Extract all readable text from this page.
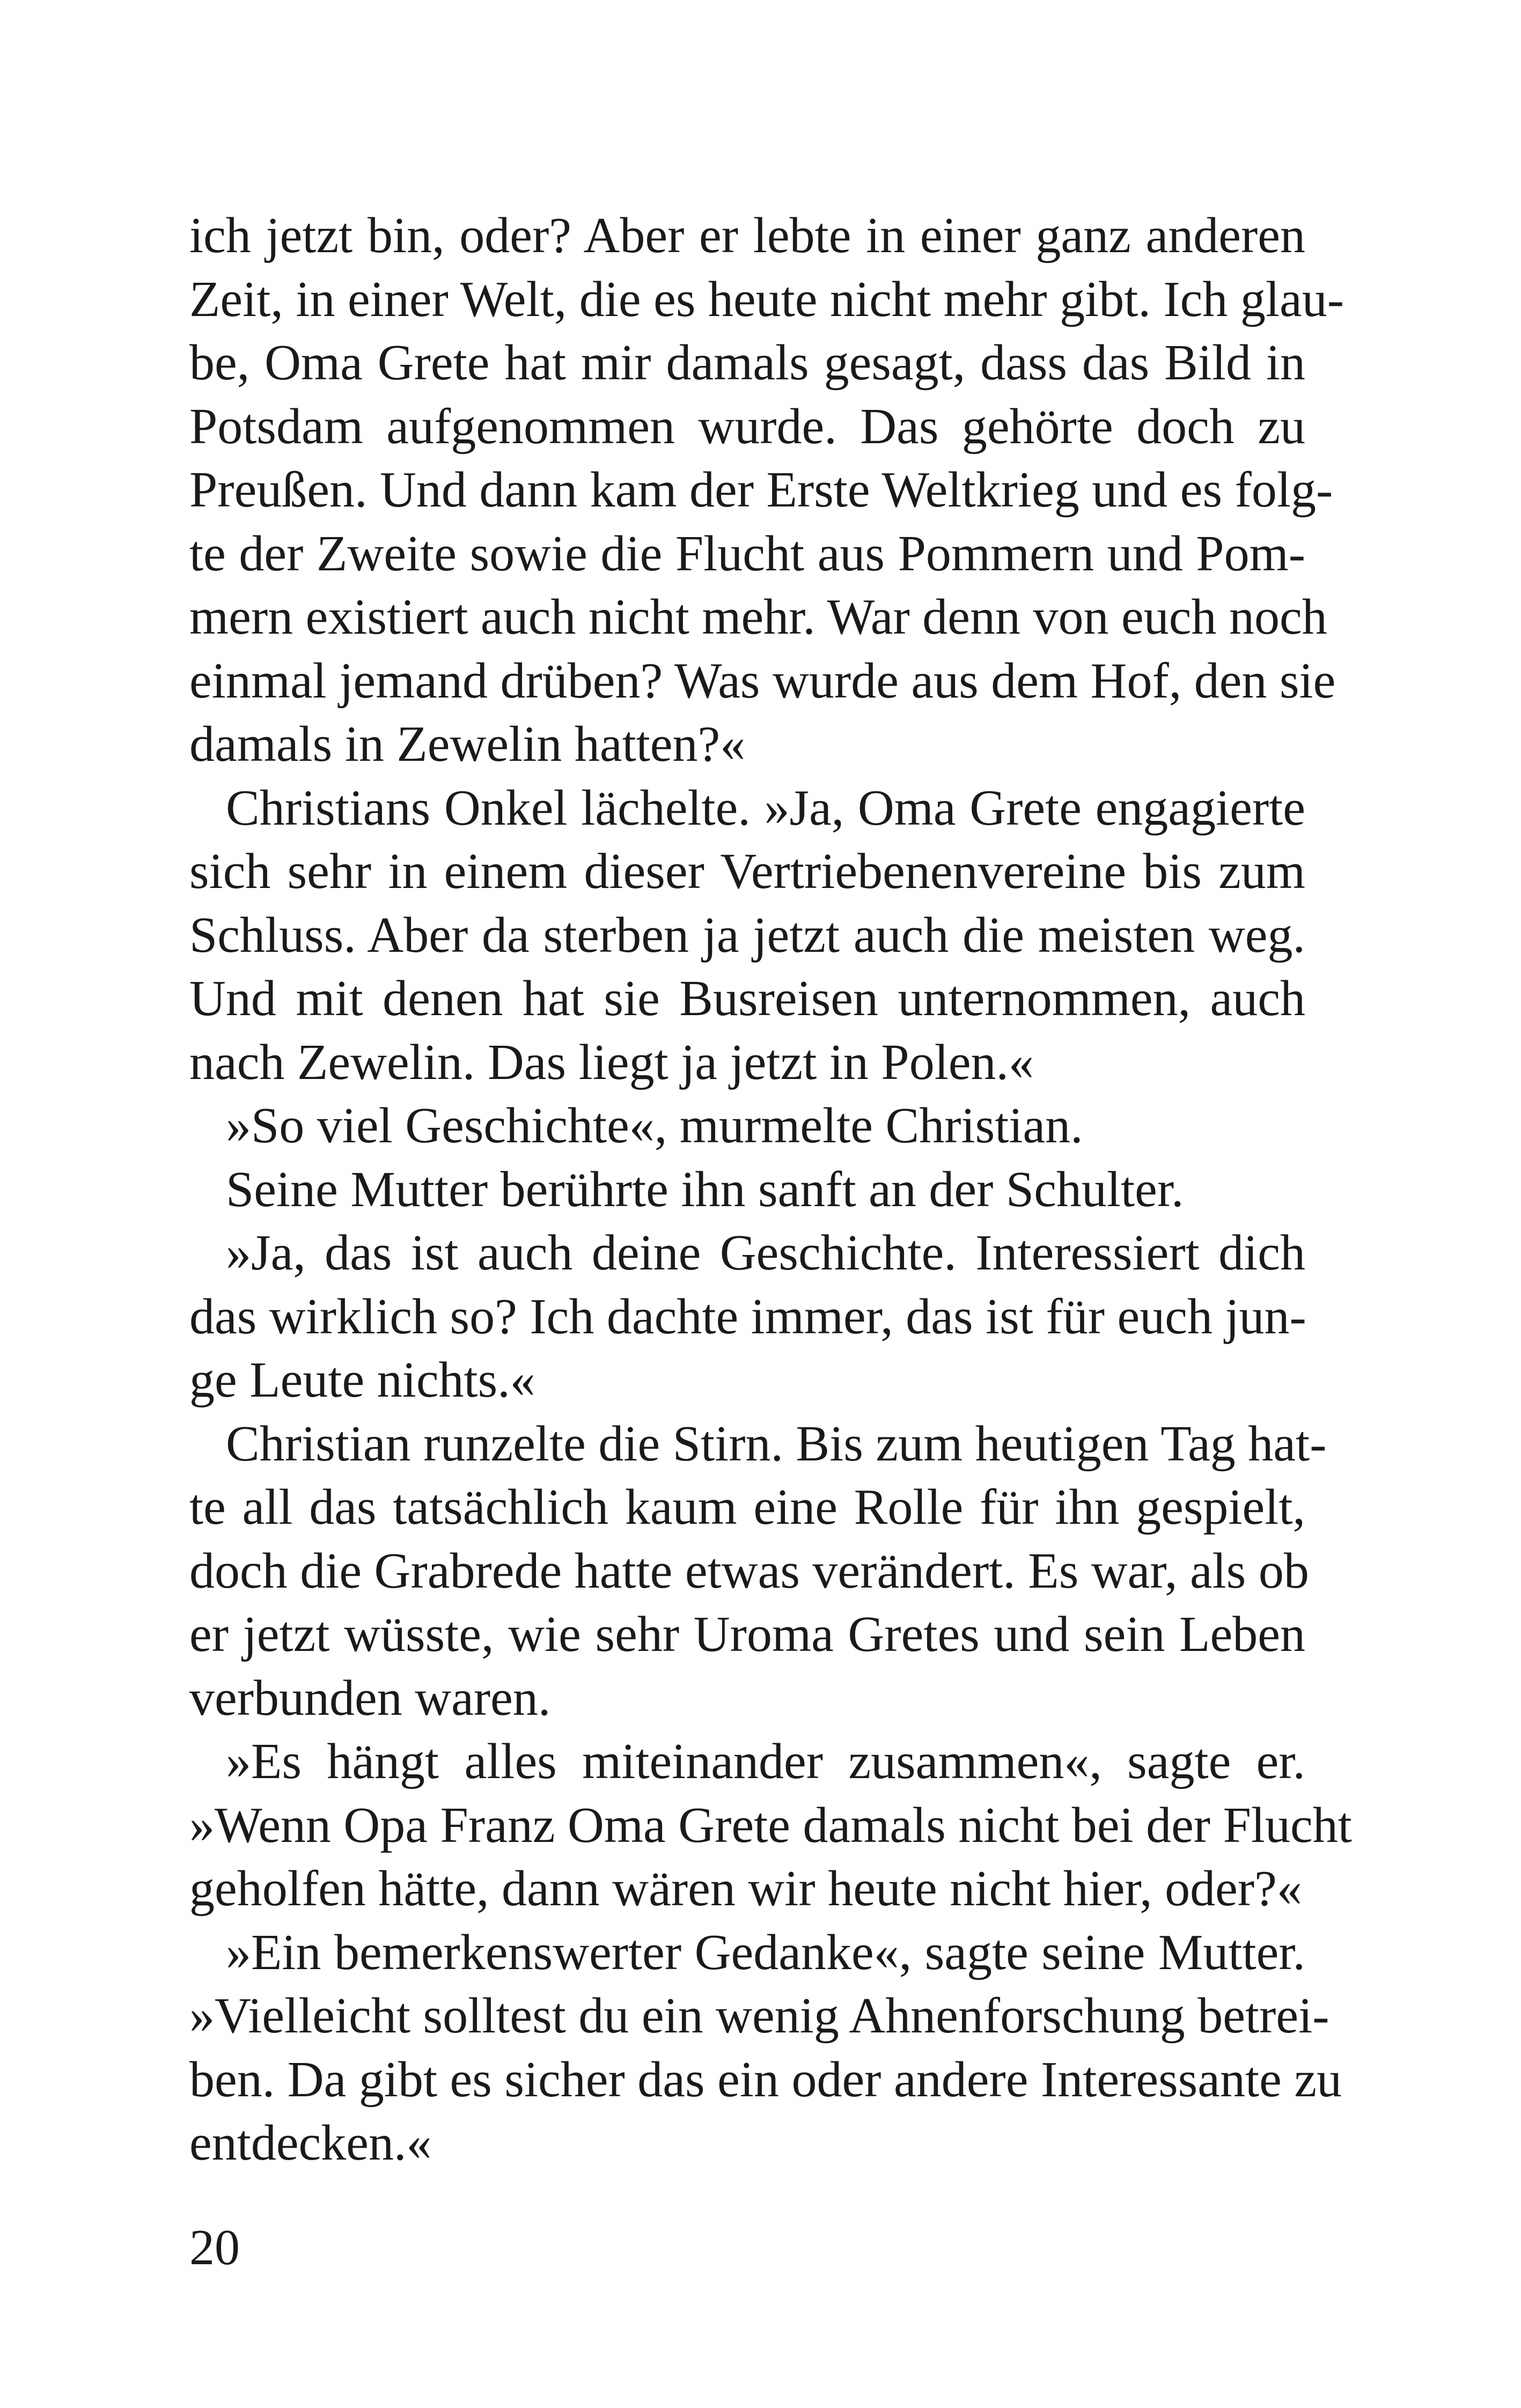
ich jetzt bin, oder? Aber er lebte in einer ganz anderen
Zeit, in einer Welt, die es heute nicht mehr gibt. Ich glau-
be, Oma Grete hat mir damals gesagt, dass das Bild in
Potsdam aufgenommen wurde. Das gehörte doch zu
Preußen. Und dann kam der Erste Weltkrieg und es folg-
te der Zweite sowie die Flucht aus Pommern und Pom-
mern existiert auch nicht mehr. War denn von euch noch
einmal jemand drüben? Was wurde aus dem Hof, den sie
damals in Zewelin hatten?«
Christians Onkel lächelte. »Ja, Oma Grete engagierte
sich sehr in einem dieser Vertriebenenvereine bis zum
Schluss. Aber da sterben ja jetzt auch die meisten weg.
Und mit denen hat sie Busreisen unternommen, auch
nach Zewelin. Das liegt ja jetzt in Polen.«
»So viel Geschichte«, murmelte Christian.
Seine Mutter berührte ihn sanft an der Schulter.
»Ja, das ist auch deine Geschichte. Interessiert dich
das wirklich so? Ich dachte immer, das ist für euch jun-
ge Leute nichts.«
Christian runzelte die Stirn. Bis zum heutigen Tag hat-
te all das tatsächlich kaum eine Rolle für ihn gespielt,
doch die Grabrede hatte etwas verändert. Es war, als ob
er jetzt wüsste, wie sehr Uroma Gretes und sein Leben
verbunden waren.
»Es hängt alles miteinander zusammen«, sagte er.
»Wenn Opa Franz Oma Grete damals nicht bei der Flucht
geholfen hätte, dann wären wir heute nicht hier, oder?«
»Ein bemerkenswerter Gedanke«, sagte seine Mutter.
»Vielleicht solltest du ein wenig Ahnenforschung betrei-
ben. Da gibt es sicher das ein oder andere Interessante zu
entdecken.«
20
